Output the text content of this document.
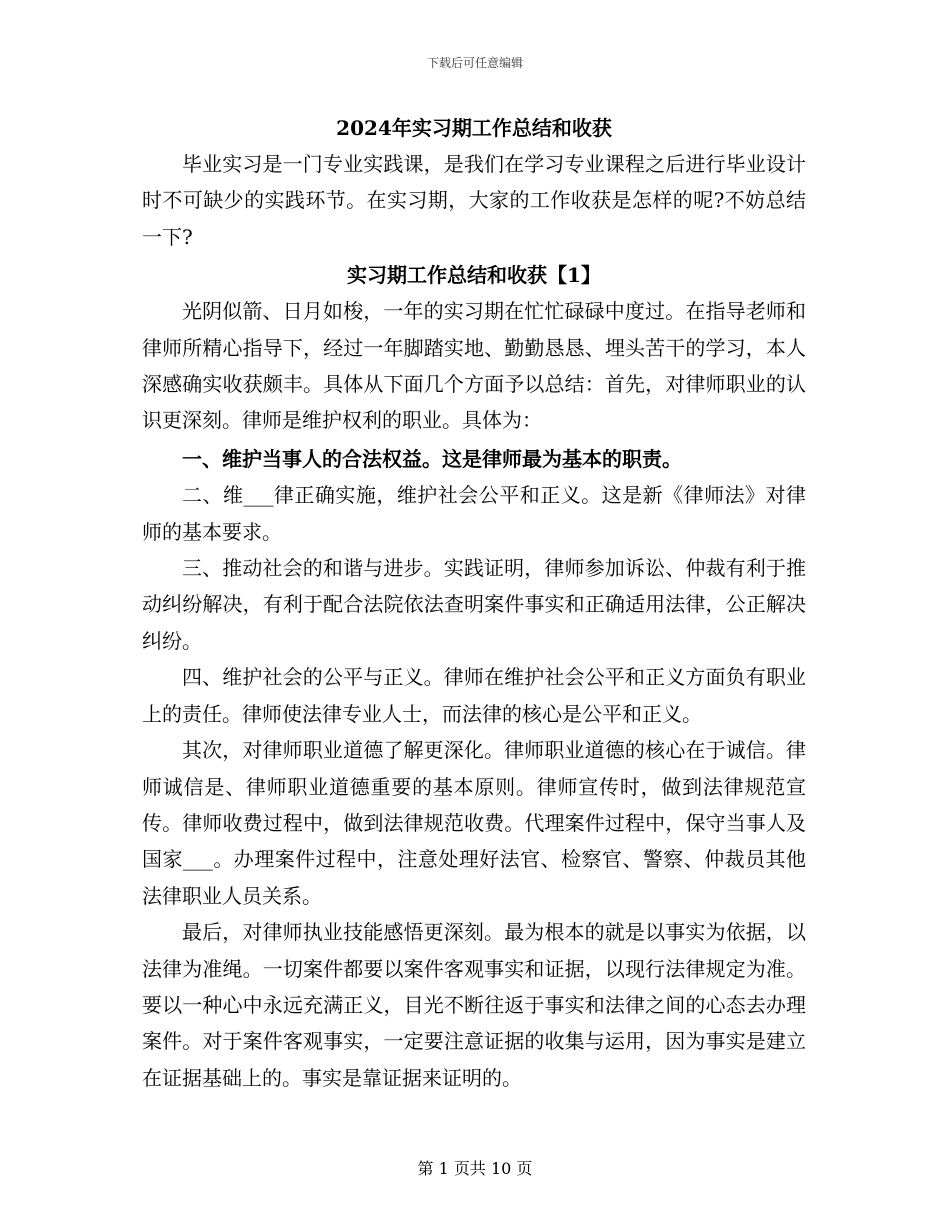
下载后可任意编辑
2024年实习期工作总结和收获

毕业实习是一门专业实践课，是我们在学习专业课程之后进行毕业设计时不可缺少的实践环节。在实习期，大家的工作收获是怎样的呢?不妨总结一下?

实习期工作总结和收获【1】

光阴似箭、日月如梭，一年的实习期在忙忙碌碌中度过。在指导老师和律师所精心指导下，经过一年脚踏实地、勤勤恳恳、埋头苦干的学习，本人深感确实收获颇丰。具体从下面几个方面予以总结：首先，对律师职业的认识更深刻。律师是维护权利的职业。具体为：

一、维护当事人的合法权益。这是律师最为基本的职责。

二、维___律正确实施，维护社会公平和正义。这是新《律师法》对律师的基本要求。

三、推动社会的和谐与进步。实践证明，律师参加诉讼、仲裁有利于推动纠纷解决，有利于配合法院依法查明案件事实和正确适用法律，公正解决纠纷。

四、维护社会的公平与正义。律师在维护社会公平和正义方面负有职业上的责任。律师使法律专业人士，而法律的核心是公平和正义。

其次，对律师职业道德了解更深化。律师职业道德的核心在于诚信。律师诚信是、律师职业道德重要的基本原则。律师宣传时，做到法律规范宣传。律师收费过程中，做到法律规范收费。代理案件过程中，保守当事人及国家___。办理案件过程中，注意处理好法官、检察官、警察、仲裁员其他法律职业人员关系。

最后，对律师执业技能感悟更深刻。最为根本的就是以事实为依据，以法律为准绳。一切案件都要以案件客观事实和证据，以现行法律规定为准。要以一种心中永远充满正义，目光不断往返于事实和法律之间的心态去办理案件。对于案件客观事实，一定要注意证据的收集与运用，因为事实是建立在证据基础上的。事实是靠证据来证明的。

第 1 页共 10 页
